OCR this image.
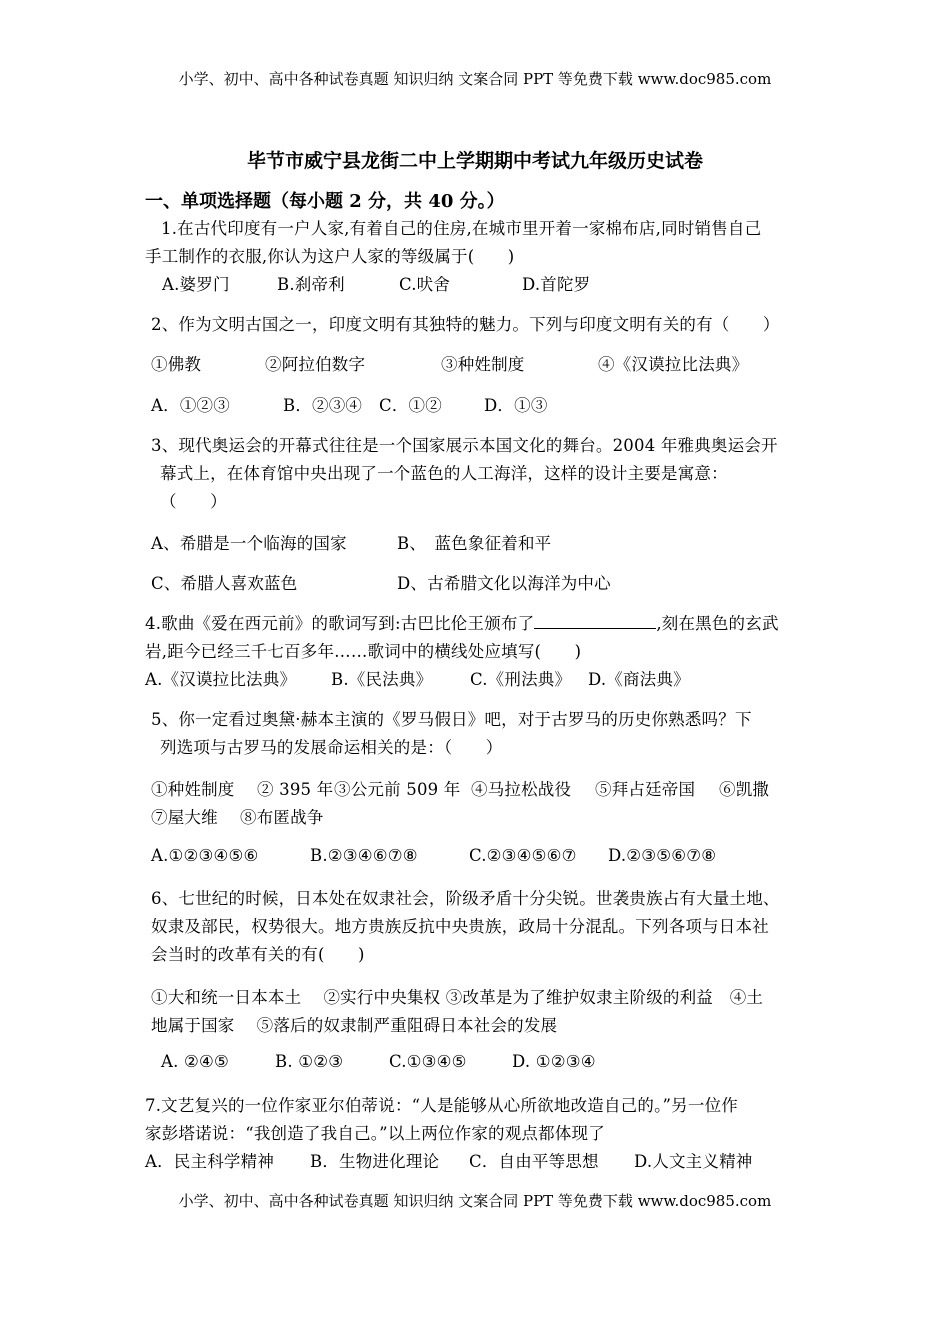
小学、初中、高中各种试卷真题 知识归纳 文案合同 PPT 等免费下载 www.doc985.com
毕节市威宁县龙街二中上学期期中考试九年级历史试卷
一、单项选择题（每小题 2 分，共 40 分。）
1.在古代印度有一户人家,有着自己的住房,在城市里开着一家棉布店,同时销售自己
手工制作的衣服,你认为这户人家的等级属于(　　)
A.婆罗门	B.刹帝利	C.吠舍	D.首陀罗
2、作为文明古国之一，印度文明有其独特的魅力。下列与印度文明有关的有（　　）
①佛教	②阿拉伯数字	③种姓制度	④《汉谟拉比法典》
A．①②③	B．②③④ C．①②	D．①③
3、现代奥运会的开幕式往往是一个国家展示本国文化的舞台。2004 年雅典奥运会开
幕式上，在体育馆中央出现了一个蓝色的人工海洋，这样的设计主要是寓意：
（　　）
A、希腊是一个临海的国家	B、　蓝色象征着和平
C、希腊人喜欢蓝色	D、古希腊文化以海洋为中心
4.歌曲《爱在西元前》的歌词写到:古巴比伦王颁布了	,刻在黑色的玄武
岩,距今已经三千七百多年……歌词中的横线处应填写(　　)
A.《汉谟拉比法典》 B.《民法典》 C.《刑法典》 D.《商法典》
5、你一定看过奥黛·赫本主演的《罗马假日》吧，对于古罗马的历史你熟悉吗？下
列选项与古罗马的发展命运相关的是：（　　）
①种姓制度 ② 395 年 ③公元前 509 年 ④马拉松战役 ⑤拜占廷帝国 ⑥凯撒
⑦屋大维 ⑧布匿战争
A.①②③④⑤⑥	B.②③④⑥⑦⑧	C.②③④⑤⑥⑦ D.②③⑤⑥⑦⑧
6、七世纪的时候，日本处在奴隶社会，阶级矛盾十分尖锐。世袭贵族占有大量土地、
奴隶及部民，权势很大。地方贵族反抗中央贵族，政局十分混乱。下列各项与日本社
会当时的改革有关的有(　　)
①大和统一日本本土　 ②实行中央集权 ③改革是为了维护奴隶主阶级的利益　④土
地属于国家　 ⑤落后的奴隶制严重阻碍日本社会的发展
A. ②④⑤	B. ①②③	C.①③④⑤	D. ①②③④
7.文艺复兴的一位作家亚尔伯蒂说：“人是能够从心所欲地改造自己的。”另一位作
家彭塔诺说：“我创造了我自己。”以上两位作家的观点都体现了
A．民主科学精神 B．生物进化理论 C．自由平等思想 D.人文主义精神
小学、初中、高中各种试卷真题 知识归纳 文案合同 PPT 等免费下载 www.doc985.com
